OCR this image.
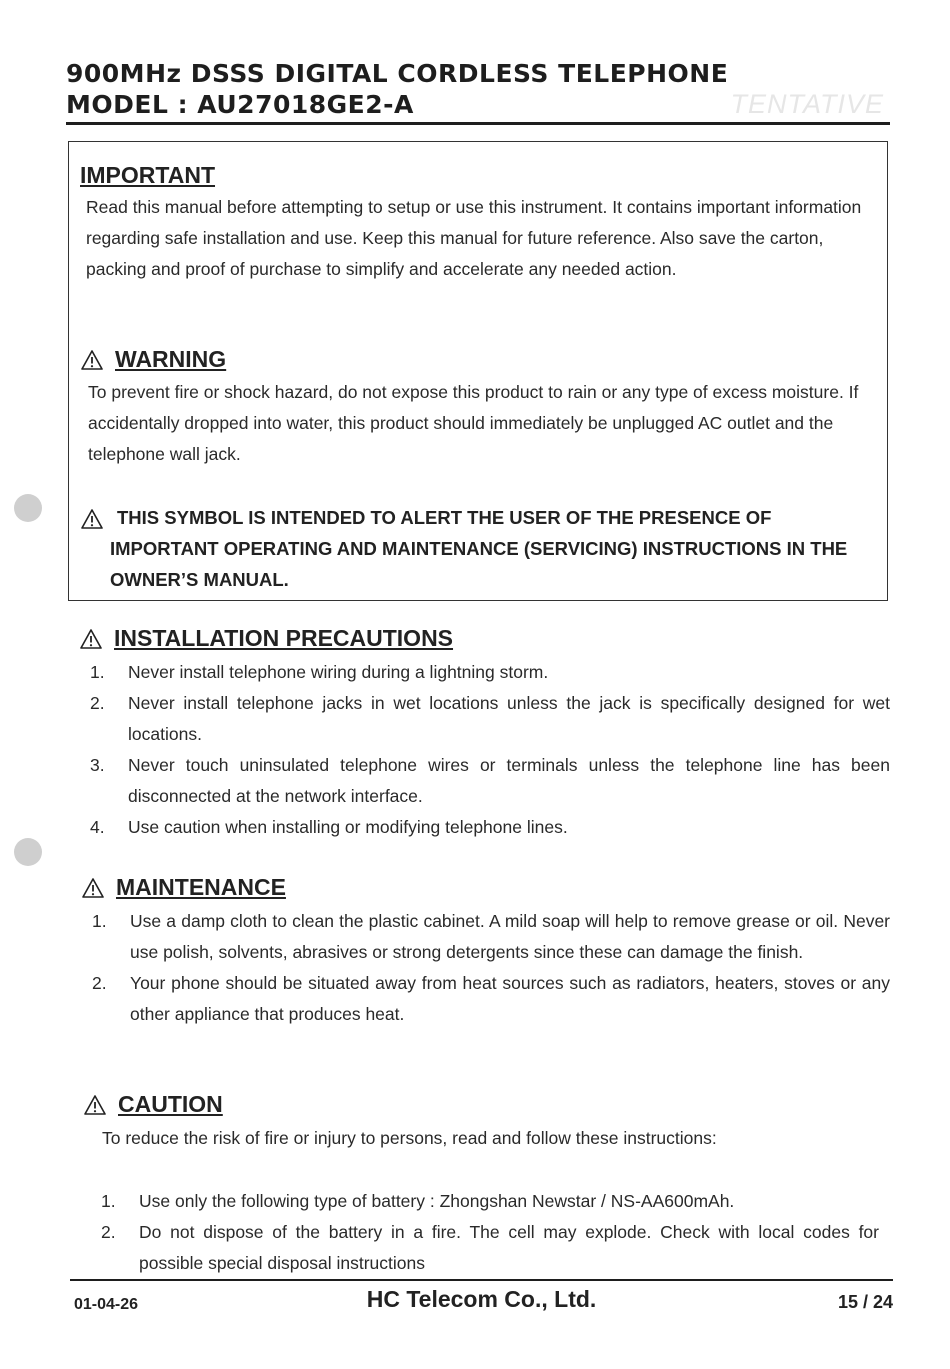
900MHz DSSS DIGITAL CORDLESS TELEPHONE
MODEL : AU27018GE2-A	TENTATIVE
IMPORTANT
Read this manual before attempting to setup or use this instrument. It contains important information regarding safe installation and use. Keep this manual for future reference. Also save the carton, packing and proof of purchase to simplify and accelerate any needed action.
WARNING
To prevent fire or shock hazard, do not expose this product to rain or any type of excess moisture. If accidentally dropped into water, this product should immediately be unplugged AC outlet and the telephone wall jack.
THIS SYMBOL IS INTENDED TO ALERT THE USER OF THE PRESENCE OF IMPORTANT OPERATING AND MAINTENANCE (SERVICING) INSTRUCTIONS IN THE OWNER’S MANUAL.
INSTALLATION PRECAUTIONS
1. Never install telephone wiring during a lightning storm.
2. Never install telephone jacks in wet locations unless the jack is specifically designed for wet locations.
3. Never touch uninsulated telephone wires or terminals unless the telephone line has been disconnected at the network interface.
4. Use caution when installing or modifying telephone lines.
MAINTENANCE
1. Use a damp cloth to clean the plastic cabinet. A mild soap will help to remove grease or oil. Never use polish, solvents, abrasives or strong detergents since these can damage the finish.
2. Your phone should be situated away from heat sources such as radiators, heaters, stoves or any other appliance that produces heat.
CAUTION
To reduce the risk of fire or injury to persons, read and follow these instructions:
1. Use only the following type of battery : Zhongshan Newstar / NS-AA600mAh.
2. Do not dispose of the battery in a fire. The cell may explode. Check with local codes for possible special disposal instructions
01-04-26	HC Telecom Co., Ltd.	15 / 24
